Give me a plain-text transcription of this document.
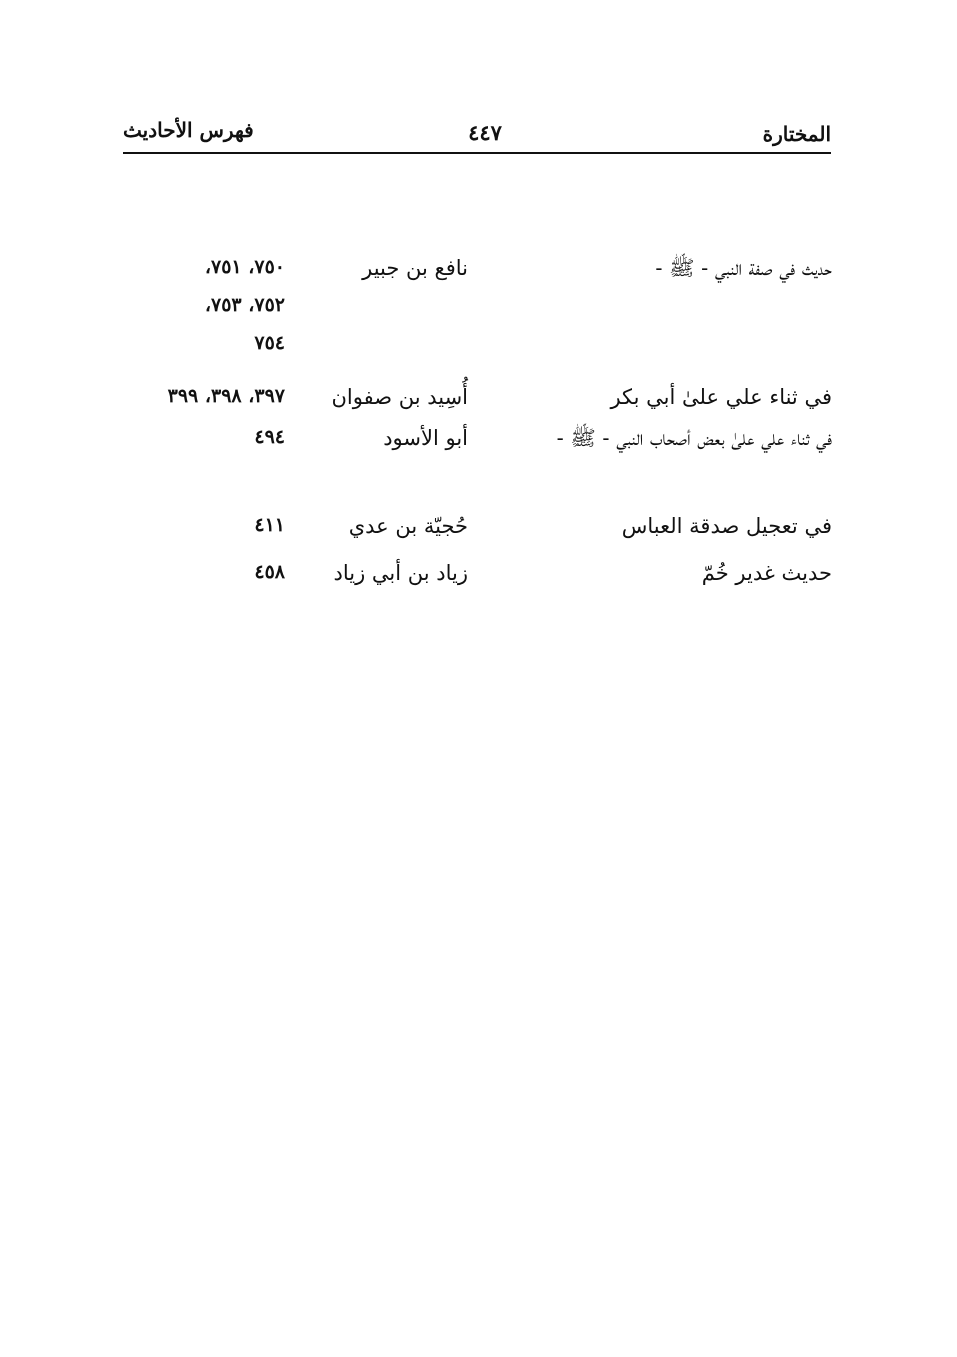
المختارة
٤٤٧
فهرس الأحاديث
حديث في صفة النبي - ﷺ -
نافع بن جبير
٧٥٠، ٧٥١،
٧٥٢، ٧٥٣،
٧٥٤
في ثناء علي علىٰ أبي بكر
أُسِيد بن صفوان
٣٩٧، ٣٩٨، ٣٩٩
في ثناء علي علىٰ بعض أصحاب النبي - ﷺ -
أبو الأسود
٤٩٤
في تعجيل صدقة العباس
حُجيّة بن عدي
٤١١
حديث غدير خُمّ
زياد بن أبي زياد
٤٥٨
